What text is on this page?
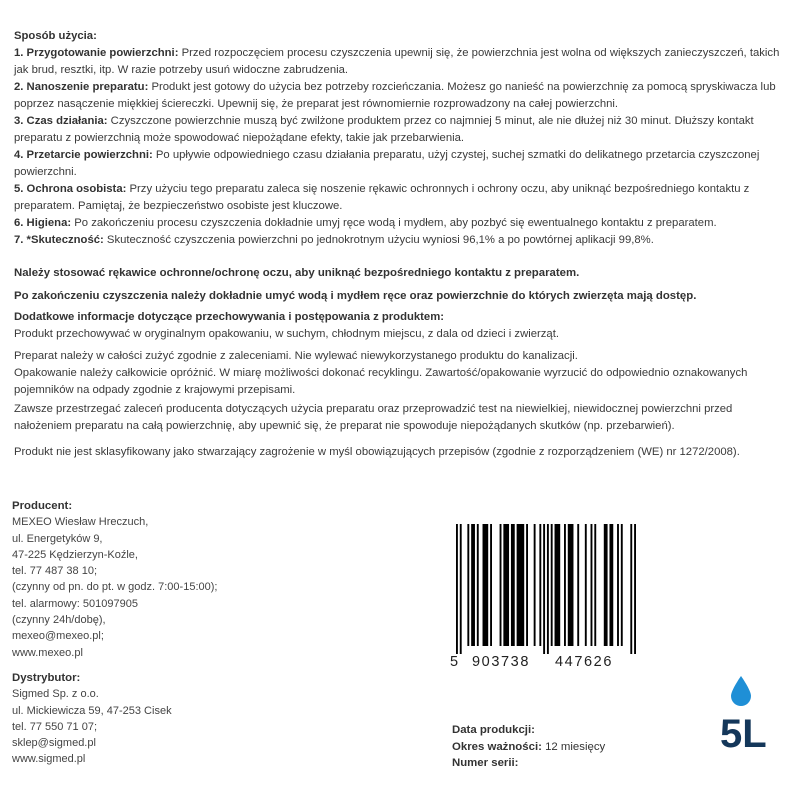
Sposób użycia:

1. Przygotowanie powierzchni: Przed rozpoczęciem procesu czyszczenia upewnij się, że powierzchnia jest wolna od większych zanieczyszczeń, takich jak brud, resztki, itp. W razie potrzeby usuń widoczne zabrudzenia.

2. Nanoszenie preparatu: Produkt jest gotowy do użycia bez potrzeby rozcieńczania. Możesz go nanieść na powierzchnię za pomocą spryskiwacza lub poprzez nasączenie miękkiej ściereczki. Upewnij się, że preparat jest równomiernie rozprowadzony na całej powierzchni.

3. Czas działania: Czyszczone powierzchnie muszą być zwilżone produktem przez co najmniej 5 minut, ale nie dłużej niż 30 minut. Dłuższy kontakt preparatu z powierzchnią może spowodować niepożądane efekty, takie jak przebarwienia.

4. Przetarcie powierzchni: Po upływie odpowiedniego czasu działania preparatu, użyj czystej, suchej szmatki do delikatnego przetarcia czyszczonej powierzchni.

5. Ochrona osobista: Przy użyciu tego preparatu zaleca się noszenie rękawic ochronnych i ochrony oczu, aby uniknąć bezpośredniego kontaktu z preparatem. Pamiętaj, że bezpieczeństwo osobiste jest kluczowe.

6. Higiena: Po zakończeniu procesu czyszczenia dokładnie umyj ręce wodą i mydłem, aby pozbyć się ewentualnego kontaktu z preparatem.

7. *Skuteczność: Skuteczność czyszczenia powierzchni po jednokrotnym użyciu wyniosi 96,1% a po powtórnej aplikacji 99,8%.

Należy stosować rękawice ochronne/ochronę oczu, aby uniknąć bezpośredniego kontaktu z preparatem.
Po zakończeniu czyszczenia należy dokładnie umyć wodą i mydłem ręce oraz powierzchnie do których zwierzęta mają dostęp.
Dodatkowe informacje dotyczące przechowywania i postępowania z produktem:
Produkt przechowywać w oryginalnym opakowaniu, w suchym, chłodnym miejscu, z dala od dzieci i zwierząt.
Preparat należy w całości zużyć zgodnie z zaleceniami. Nie wylewać niewykorzystanego produktu do kanalizacji.
Opakowanie należy całkowicie opróżnić. W miarę możliwości dokonać recyklingu. Zawartość/opakowanie wyrzucić do odpowiednio oznakowanych pojemników na odpady zgodnie z krajowymi przepisami.
Zawsze przestrzegać zaleceń producenta dotyczących użycia preparatu oraz przeprowadzić test na niewielkiej, niewidocznej powierzchni przed nałożeniem preparatu na całą powierzchnię, aby upewnić się, że preparat nie spowoduje niepożądanych skutków (np. przebarwień).
Produkt nie jest sklasyfikowany jako stwarzający zagrożenie w myśl obowiązujących przepisów (zgodnie z rozporządzeniem (WE) nr 1272/2008).
Producent:
MEXEO Wiesław Hreczuch,
ul. Energetyków 9,
47-225 Kędzierzyn-Koźle,
tel. 77 487 38 10;
(czynny od pn. do pt. w godz. 7:00-15:00);
tel. alarmowy: 501097905
(czynny 24h/dobę),
mexeo@mexeo.pl;
www.mexeo.pl
Dystrybutor:
Sigmed Sp. z o.o.
ul. Mickiewicza 59, 47-253 Cisek
tel. 77 550 71 07;
sklep@sigmed.pl
www.sigmed.pl
5 903738 447626
Data produkcji:
Okres ważności: 12 miesięcy
Numer serii:
5L
